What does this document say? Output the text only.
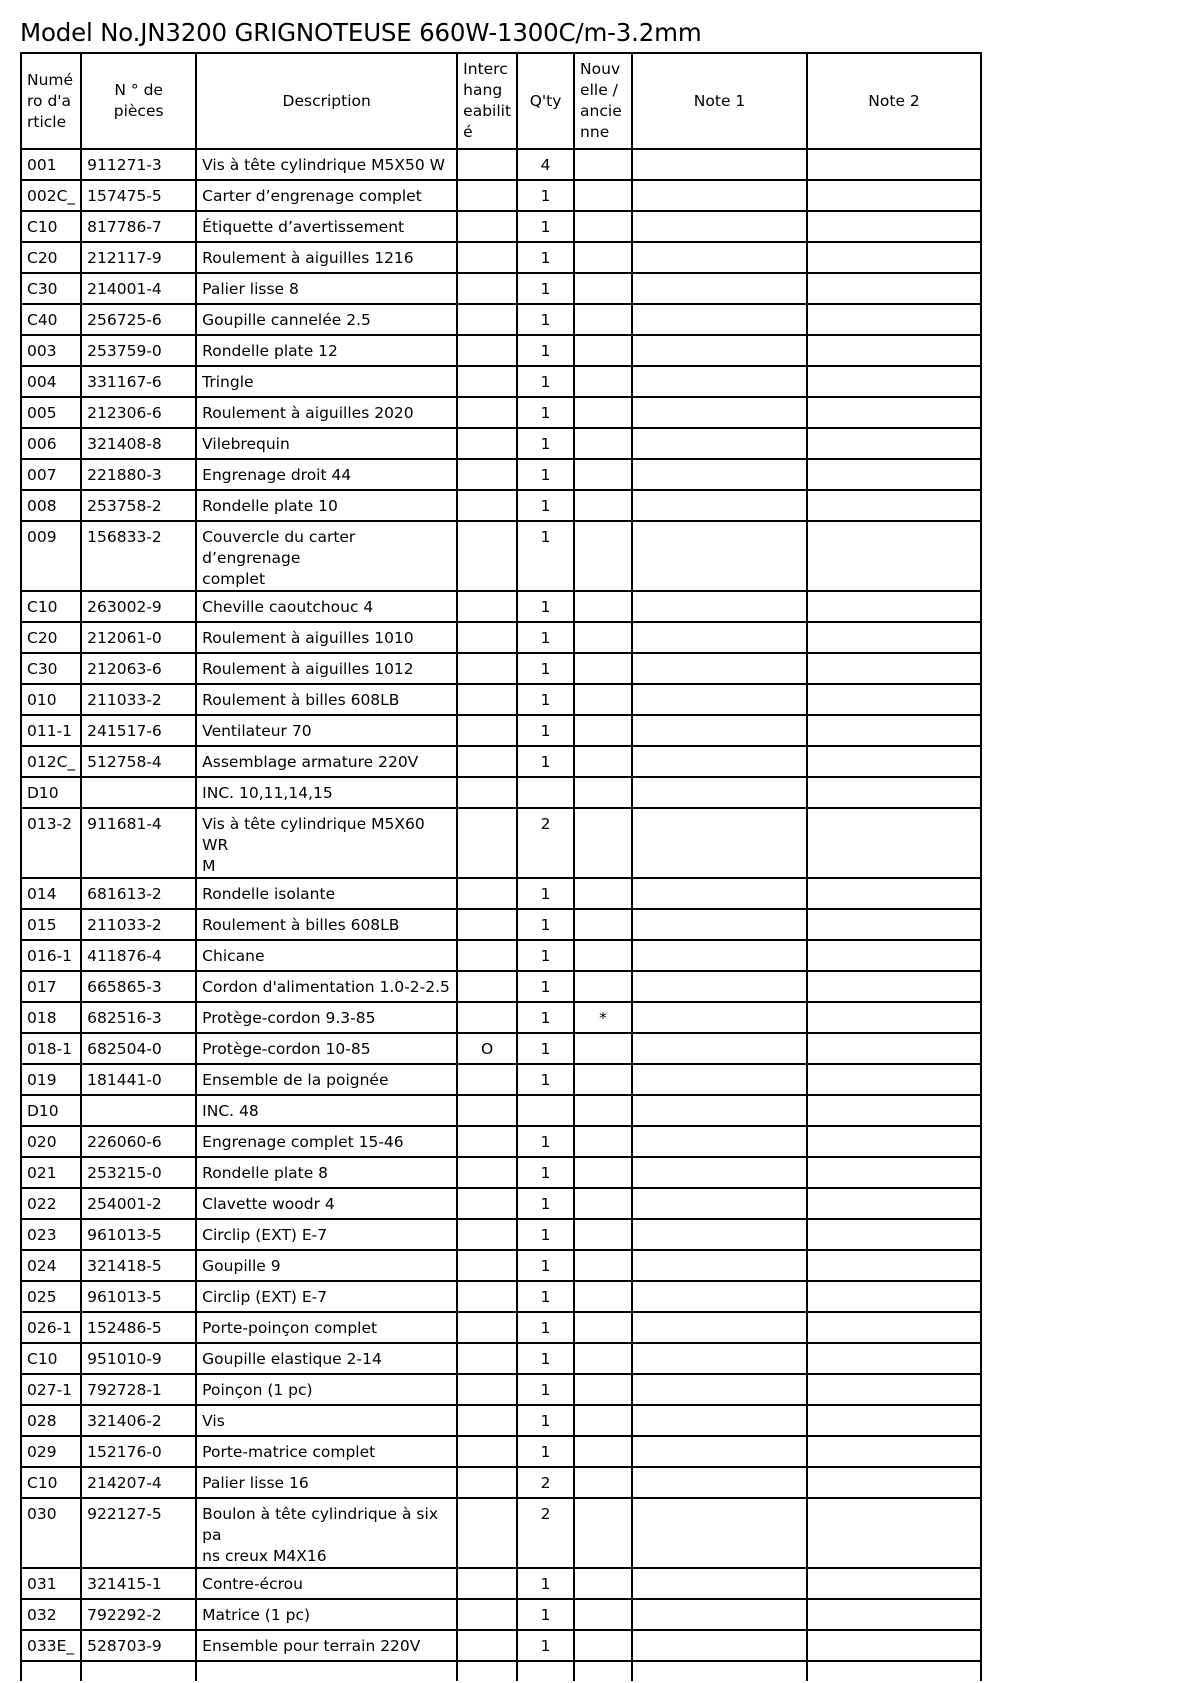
Model No.JN3200 GRIGNOTEUSE 660W-1300C/m-3.2mm
Numé
ro d'a
rticle	N ° de pièces	Description	Interc
hang
eabilit
é	Q'ty	Nouv
elle /
ancie
nne	Note 1	Note 2
001	911271-3	Vis à tête cylindrique M5X50 W		4			
002C_	157475-5	Carter d’engrenage complet		1			
C10	817786-7	Étiquette d’avertissement		1			
C20	212117-9	Roulement à aiguilles 1216		1			
C30	214001-4	Palier lisse 8		1			
C40	256725-6	Goupille cannelée 2.5		1			
003	253759-0	Rondelle plate 12		1			
004	331167-6	Tringle		1			
005	212306-6	Roulement à aiguilles 2020		1			
006	321408-8	Vilebrequin		1			
007	221880-3	Engrenage droit 44		1			
008	253758-2	Rondelle plate 10		1			
009	156833-2	Couvercle du carter d’engrenage
complet		1			
C10	263002-9	Cheville caoutchouc 4		1			
C20	212061-0	Roulement à aiguilles 1010		1			
C30	212063-6	Roulement à aiguilles 1012		1			
010	211033-2	Roulement à billes 608LB		1			
011-1	241517-6	Ventilateur 70		1			
012C_	512758-4	Assemblage armature 220V		1			
D10		INC. 10,11,14,15					

013-2	911681-4	Vis à tête cylindrique M5X60 WR
M		2			
014	681613-2	Rondelle isolante		1			
015	211033-2	Roulement à billes 608LB		1			
016-1	411876-4	Chicane		1			
017	665865-3	Cordon d'alimentation 1.0-2-2.5		1			
018	682516-3	Protège-cordon 9.3-85		1	*		
018-1	682504-0	Protège-cordon 10-85	O	1			
019	181441-0	Ensemble de la poignée		1			
D10		INC. 48					

020	226060-6	Engrenage complet 15-46		1			
021	253215-0	Rondelle plate 8		1			
022	254001-2	Clavette woodr 4		1			
023	961013-5	Circlip (EXT) E-7		1			
024	321418-5	Goupille 9		1			
025	961013-5	Circlip (EXT) E-7		1			
026-1	152486-5	Porte-poinçon complet		1			
C10	951010-9	Goupille elastique 2-14		1			
027-1	792728-1	Poinçon (1 pc)		1			
028	321406-2	Vis		1			
029	152176-0	Porte-matrice complet		1			
C10	214207-4	Palier lisse 16		2			
030	922127-5	Boulon à tête cylindrique à six pa
ns creux M4X16		2			
031	321415-1	Contre-écrou		1			
032	792292-2	Matrice (1 pc)		1			
033E_	528703-9	Ensemble pour terrain 220V		1			
